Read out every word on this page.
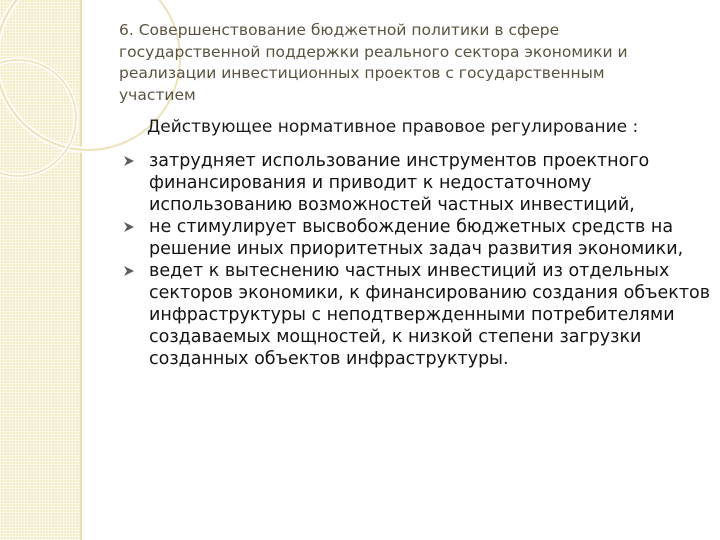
6. Совершенствование бюджетной политики в сфере государственной поддержки реального сектора экономики и реализации инвестиционных проектов с государственным участием

Действующее нормативное правовое регулирование :

затрудняет использование инструментов проектного финансирования и приводит к недостаточному использованию возможностей частных инвестиций,
не стимулирует высвобождение бюджетных средств на решение иных приоритетных задач развития экономики,
ведет к вытеснению частных инвестиций из отдельных секторов экономики, к финансированию создания объектов инфраструктуры с неподтвержденными потребителями создаваемых мощностей, к низкой степени загрузки созданных объектов инфраструктуры.
